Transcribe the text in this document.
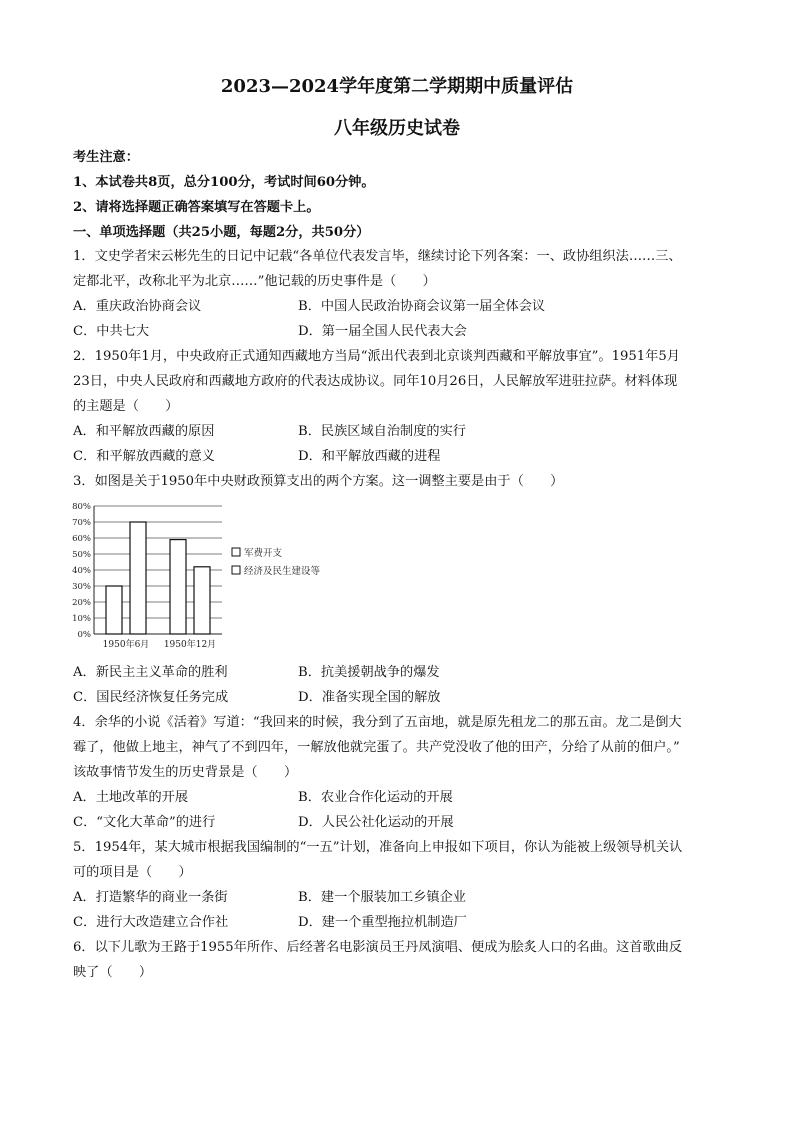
2023—2024学年度第二学期期中质量评估
八年级历史试卷
考生注意：
1、本试卷共8页，总分100分，考试时间60分钟。
2、请将选择题正确答案填写在答题卡上。
一、单项选择题（共25小题，每题2分，共50分）
1．文史学者宋云彬先生的日记中记载“各单位代表发言毕，继续讨论下列各案：一、政协组织法……三、
定都北平，改称北平为北京……”他记载的历史事件是（　　）
A．重庆政治协商会议	B．中国人民政治协商会议第一届全体会议
C．中共七大	D．第一届全国人民代表大会
2．1950年1月，中央政府正式通知西藏地方当局“派出代表到北京谈判西藏和平解放事宜”。1951年5月
23日，中央人民政府和西藏地方政府的代表达成协议。同年10月26日，人民解放军进驻拉萨。材料体现
的主题是（　　）
A．和平解放西藏的原因	B．民族区域自治制度的实行
C．和平解放西藏的意义	D．和平解放西藏的进程
3．如图是关于1950年中央财政预算支出的两个方案。这一调整主要是由于（　　）
80%
70%
60%
50%
40%
30%
20%
10%
0%
1950年6月 1950年12月
军费开支
经济及民生建设等
A．新民主主义革命的胜利	B．抗美援朝战争的爆发
C．国民经济恢复任务完成	D．准备实现全国的解放
4．余华的小说《活着》写道：“我回来的时候，我分到了五亩地，就是原先租龙二的那五亩。龙二是倒大
霉了，他做上地主，神气了不到四年，一解放他就完蛋了。共产党没收了他的田产，分给了从前的佃户。”
该故事情节发生的历史背景是（　　）
A．土地改革的开展	B．农业合作化运动的开展
C．“文化大革命”的进行	D．人民公社化运动的开展
5．1954年，某大城市根据我国编制的“一五”计划，准备向上申报如下项目，你认为能被上级领导机关认
可的项目是（　　）
A．打造繁华的商业一条街	B．建一个服装加工乡镇企业
C．进行大改造建立合作社	D．建一个重型拖拉机制造厂
6．以下儿歌为王路于1955年所作、后经著名电影演员王丹凤演唱、便成为脍炙人口的名曲。这首歌曲反
映了（　　）
